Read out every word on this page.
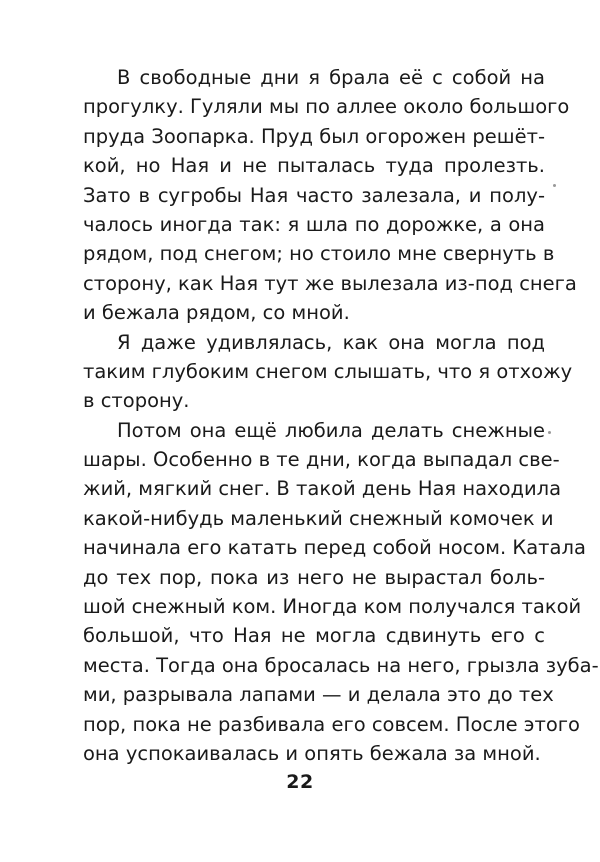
В свободные дни я брала её с собой на
прогулку. Гуляли мы по аллее около большого
пруда Зоопарка. Пруд был огорожен решёт-
кой, но Ная и не пыталась туда пролезть.
Зато в сугробы Ная часто залезала, и полу-
чалось иногда так: я шла по дорожке, а она
рядом, под снегом; но стоило мне свернуть в
сторону, как Ная тут же вылезала из-под снега
и бежала рядом, со мной.
Я даже удивлялась, как она могла под
таким глубоким снегом слышать, что я отхожу
в сторону.
Потом она ещё любила делать снежные
шары. Особенно в те дни, когда выпадал све-
жий, мягкий снег. В такой день Ная находила
какой-нибудь маленький снежный комочек и
начинала его катать перед собой носом. Катала
до тех пор, пока из него не вырастал боль-
шой снежный ком. Иногда ком получался такой
большой, что Ная не могла сдвинуть его с
места. Тогда она бросалась на него, грызла зуба-
ми, разрывала лапами — и делала это до тех
пор, пока не разбивала его совсем. После этого
она успокаивалась и опять бежала за мной.
22
